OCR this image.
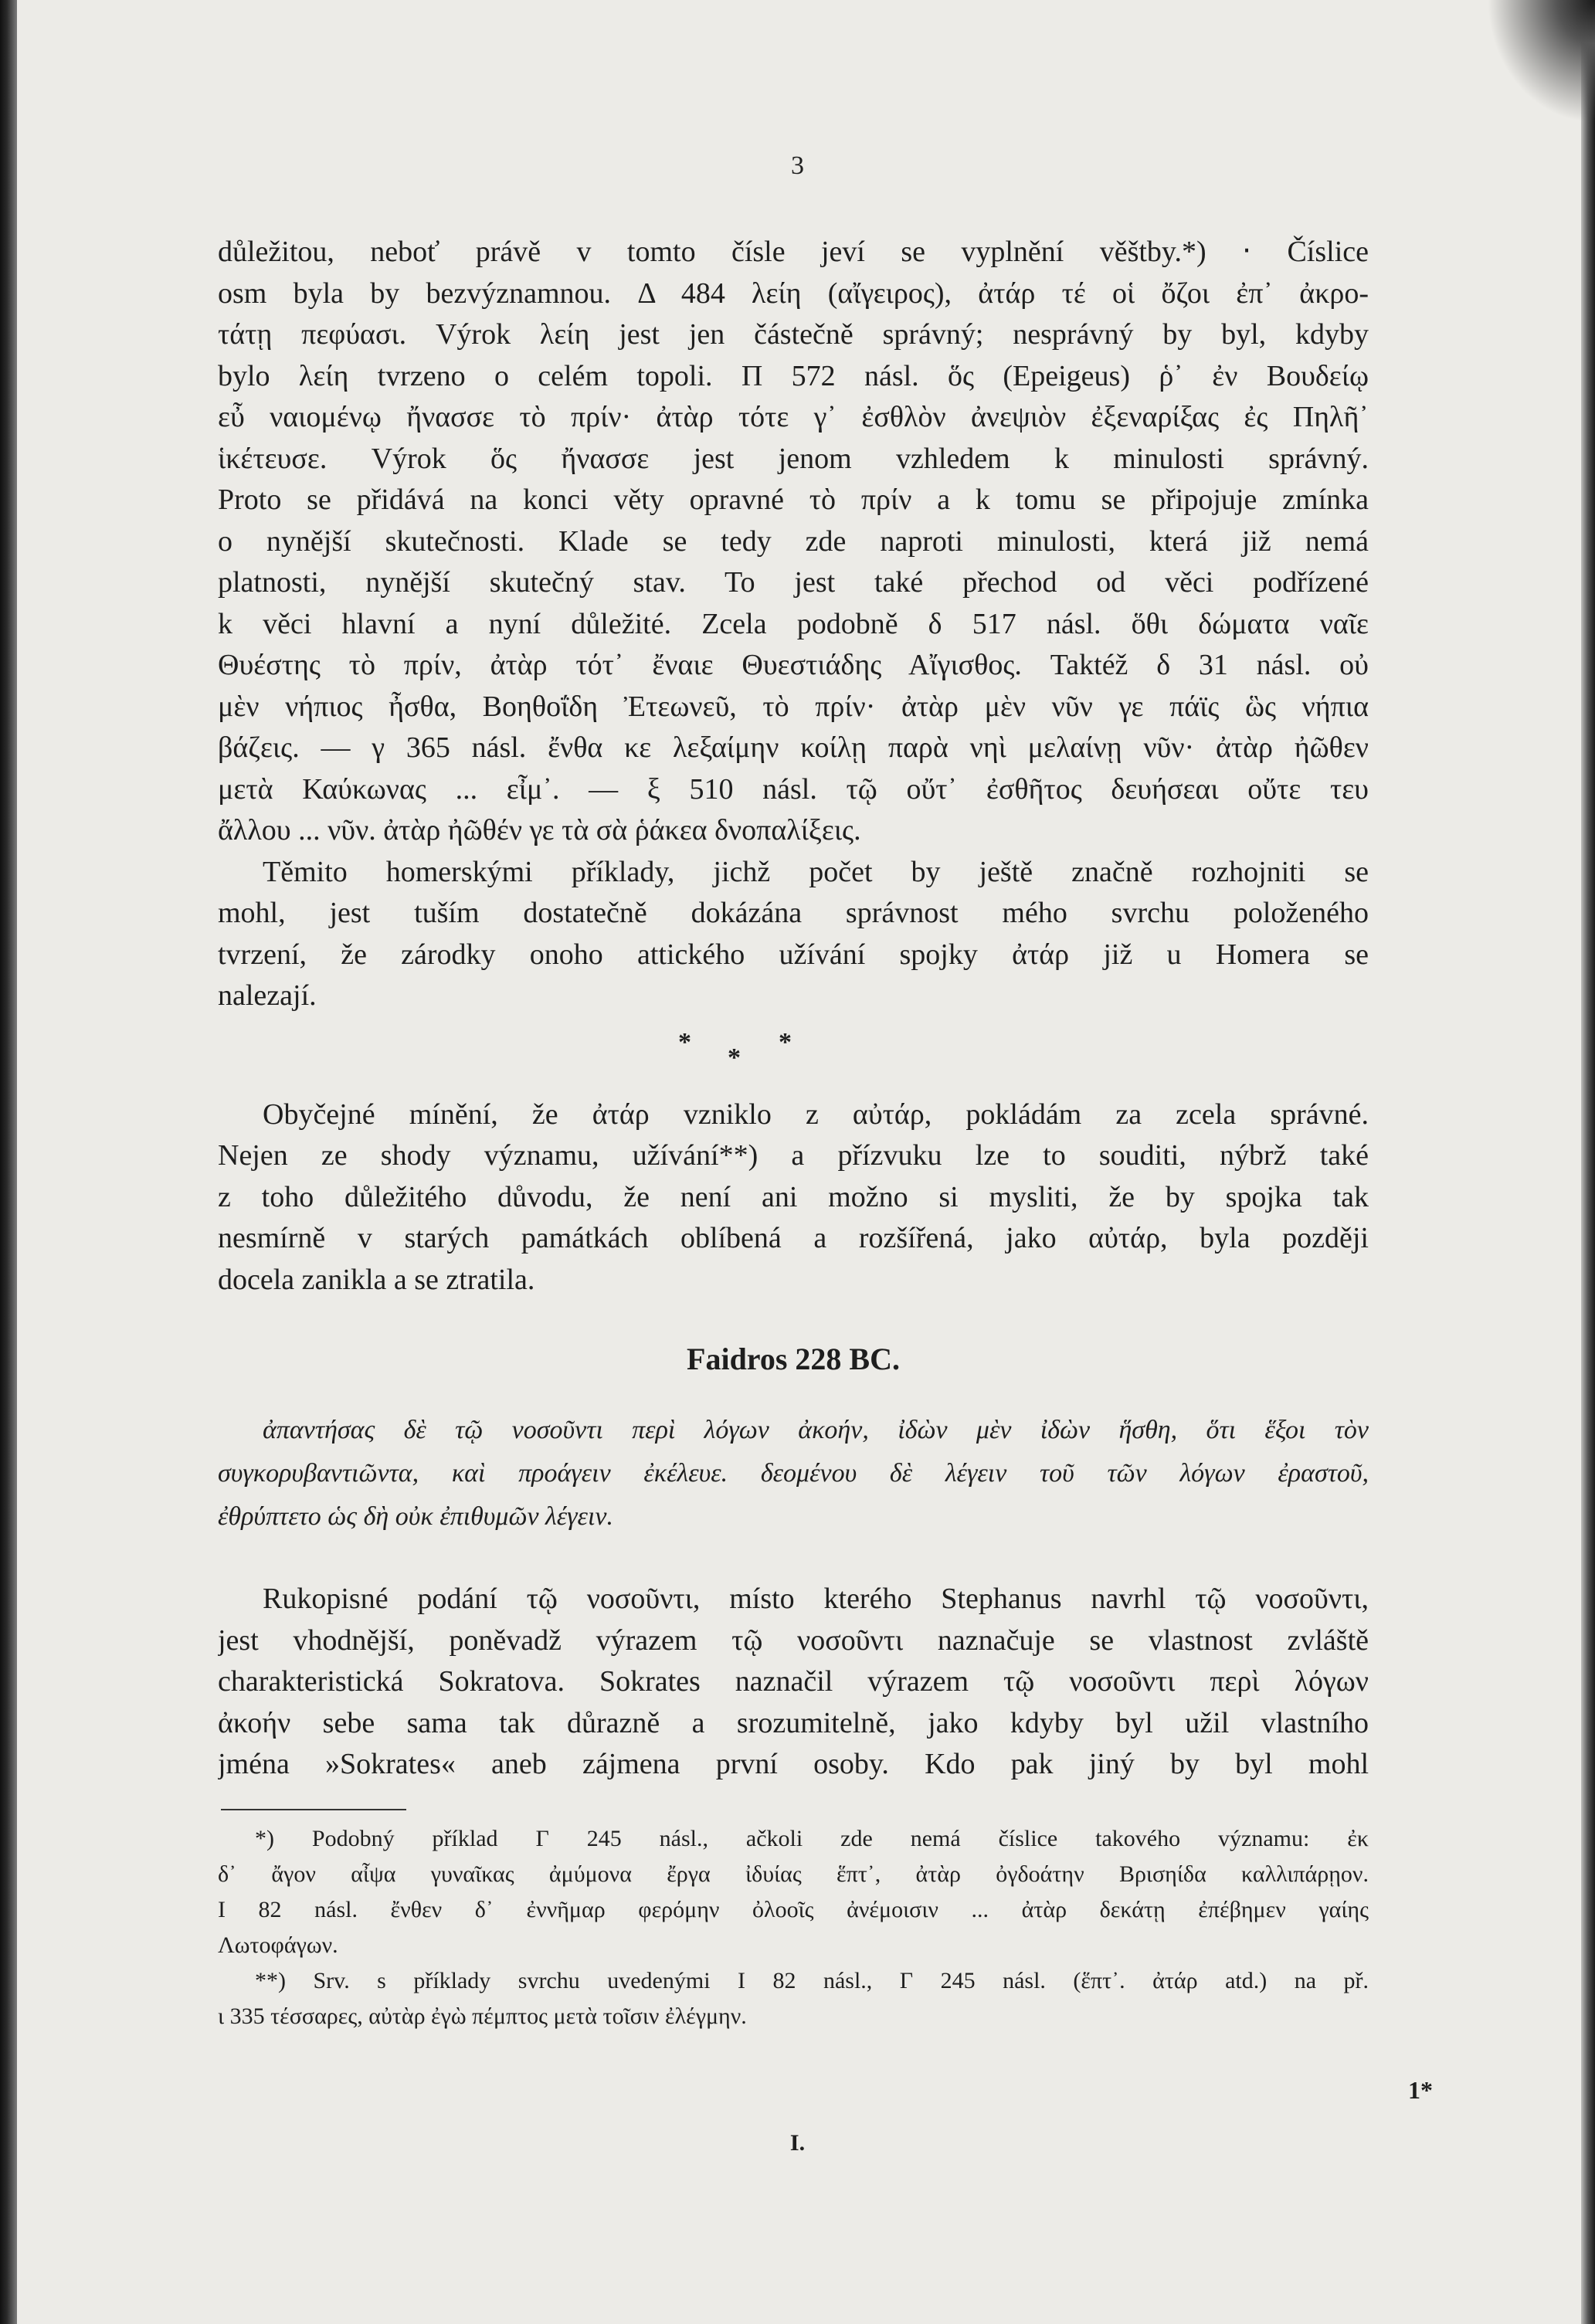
3
důležitou, neboť právě v tomto čísle jeví se vyplnění věštby.*) ‧ Číslice
osm byla by bezvýznamnou. Δ 484 λείη (αἴγειρος), ἀτάρ τέ οἱ ὄζοι ἐπ᾽ ἀκρο-
τάτῃ πεφύασι. Výrok λείη jest jen částečně správný; nesprávný by byl, kdyby
bylo λείη tvrzeno o celém topoli. Π 572 násl. ὅς (Epeigeus) ῥ᾽ ἐν Βουδείῳ
εὖ ναιομένῳ ἤνασσε τὸ πρίν· ἀτὰρ τότε γ᾽ ἐσθλὸν ἀνεψιὸν ἐξεναρίξας ἐς Πηλῆ᾽
ἱκέτευσε. Výrok ὅς ἤνασσε jest jenom vzhledem k minulosti správný.
Proto se přidává na konci věty opravné τὸ πρίν a k tomu se připojuje zmínka
o nynější skutečnosti. Klade se tedy zde naproti minulosti, která již nemá
platnosti, nynější skutečný stav. To jest také přechod od věci podřízené
k věci hlavní a nyní důležité. Zcela podobně δ 517 násl. ὅθι δώματα ναῖε
Θυέστης τὸ πρίν, ἀτὰρ τότ᾽ ἔναιε Θυεστιάδης Αἴγισθος. Taktéž δ 31 násl. οὐ
μὲν νήπιος ἦσθα, Βοηθοΐδη Ἐτεωνεῦ, τὸ πρίν· ἀτὰρ μὲν νῦν γε πάϊς ὣς νήπια
βάζεις. — γ 365 násl. ἔνθα κε λεξαίμην κοίλῃ παρὰ νηὶ μελαίνῃ νῦν· ἀτὰρ ἠῶθεν
μετὰ Καύκωνας ... εἶμ᾽. — ξ 510 násl. τῷ οὔτ᾽ ἐσθῆτος δευήσεαι οὔτε τευ
ἄλλου ... νῦν. ἀτὰρ ἠῶθέν γε τὰ σὰ ῥάκεα δνοπαλίξεις.
Těmito homerskými příklady, jichž počet by ještě značně rozhojniti se
mohl, jest tuším dostatečně dokázána správnost mého svrchu položeného
tvrzení, že zárodky onoho attického užívání spojky ἀτάρ již u Homera se
nalezají.
*	*
*
Obyčejné mínění, že ἀτάρ vzniklo z αὐτάρ, pokládám za zcela správné.
Nejen ze shody významu, užívání**) a přízvuku lze to souditi, nýbrž také
z toho důležitého důvodu, že není ani možno si mysliti, že by spojka tak
nesmírně v starých památkách oblíbená a rozšířená, jako αὐτάρ, byla později
docela zanikla a se ztratila.
Faidros 228 BC.
ἀπαντήσας δὲ τῷ νοσοῦντι περὶ λόγων ἀκοήν, ἰδὼν μὲν ἰδὼν ἥσθη, ὅτι ἕξοι τὸν
συγκορυβαντιῶντα, καὶ προάγειν ἐκέλευε. δεομένου δὲ λέγειν τοῦ τῶν λόγων ἐραστοῦ,
ἐθρύπτετο ὡς δὴ οὐκ ἐπιθυμῶν λέγειν.
Rukopisné podání τῷ νοσοῦντι, místo kterého Stephanus navrhl τῷ νοσοῦντι,
jest vhodnější, poněvadž výrazem τῷ νοσοῦντι naznačuje se vlastnost zvláště
charakteristická Sokratova. Sokrates naznačil výrazem τῷ νοσοῦντι περὶ λόγων
ἀκοήν sebe sama tak důrazně a srozumitelně, jako kdyby byl užil vlastního
jména »Sokrates« aneb zájmena první osoby. Kdo pak jiný by byl mohl
*) Podobný příklad Γ 245 násl., ačkoli zde nemá číslice takového významu: ἐκ
δ᾽ ἄγον αἶψα γυναῖκας ἀμύμονα ἔργα ἰδυίας ἕπτ᾽, ἀτὰρ ὀγδοάτην Βρισηίδα καλλιπάρῃον.
Ι 82 násl. ἔνθεν δ᾽ ἐννῆμαρ φερόμην ὀλοοῖς ἀνέμοισιν ... ἀτὰρ δεκάτῃ ἐπέβημεν γαίης
Λωτοφάγων.
**) Srv. s příklady svrchu uvedenými Ι 82 násl., Γ 245 násl. (ἕπτ᾽. ἀτάρ atd.) na př.
ι 335 τέσσαρες, αὐτὰρ ἐγὼ πέμπτος μετὰ τοῖσιν ἐλέγμην.
1*
I.
